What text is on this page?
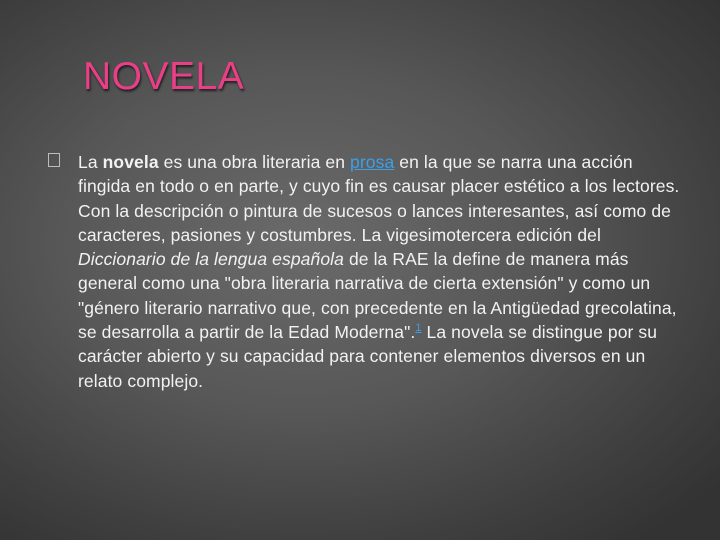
NOVELA

La novela es una obra literaria en prosa en la que se narra una acción fingida en todo o en parte, y cuyo fin es causar placer estético a los lectores. Con la descripción o pintura de sucesos o lances interesantes, así como de caracteres, pasiones y costumbres. La vigesimotercera edición del Diccionario de la lengua española de la RAE la define de manera más general como una "obra literaria narrativa de cierta extensión" y como un "género literario narrativo que, con precedente en la Antigüedad grecolatina, se desarrolla a partir de la Edad Moderna".$^1$ La novela se distingue por su carácter abierto y su capacidad para contener elementos diversos en un relato complejo.
